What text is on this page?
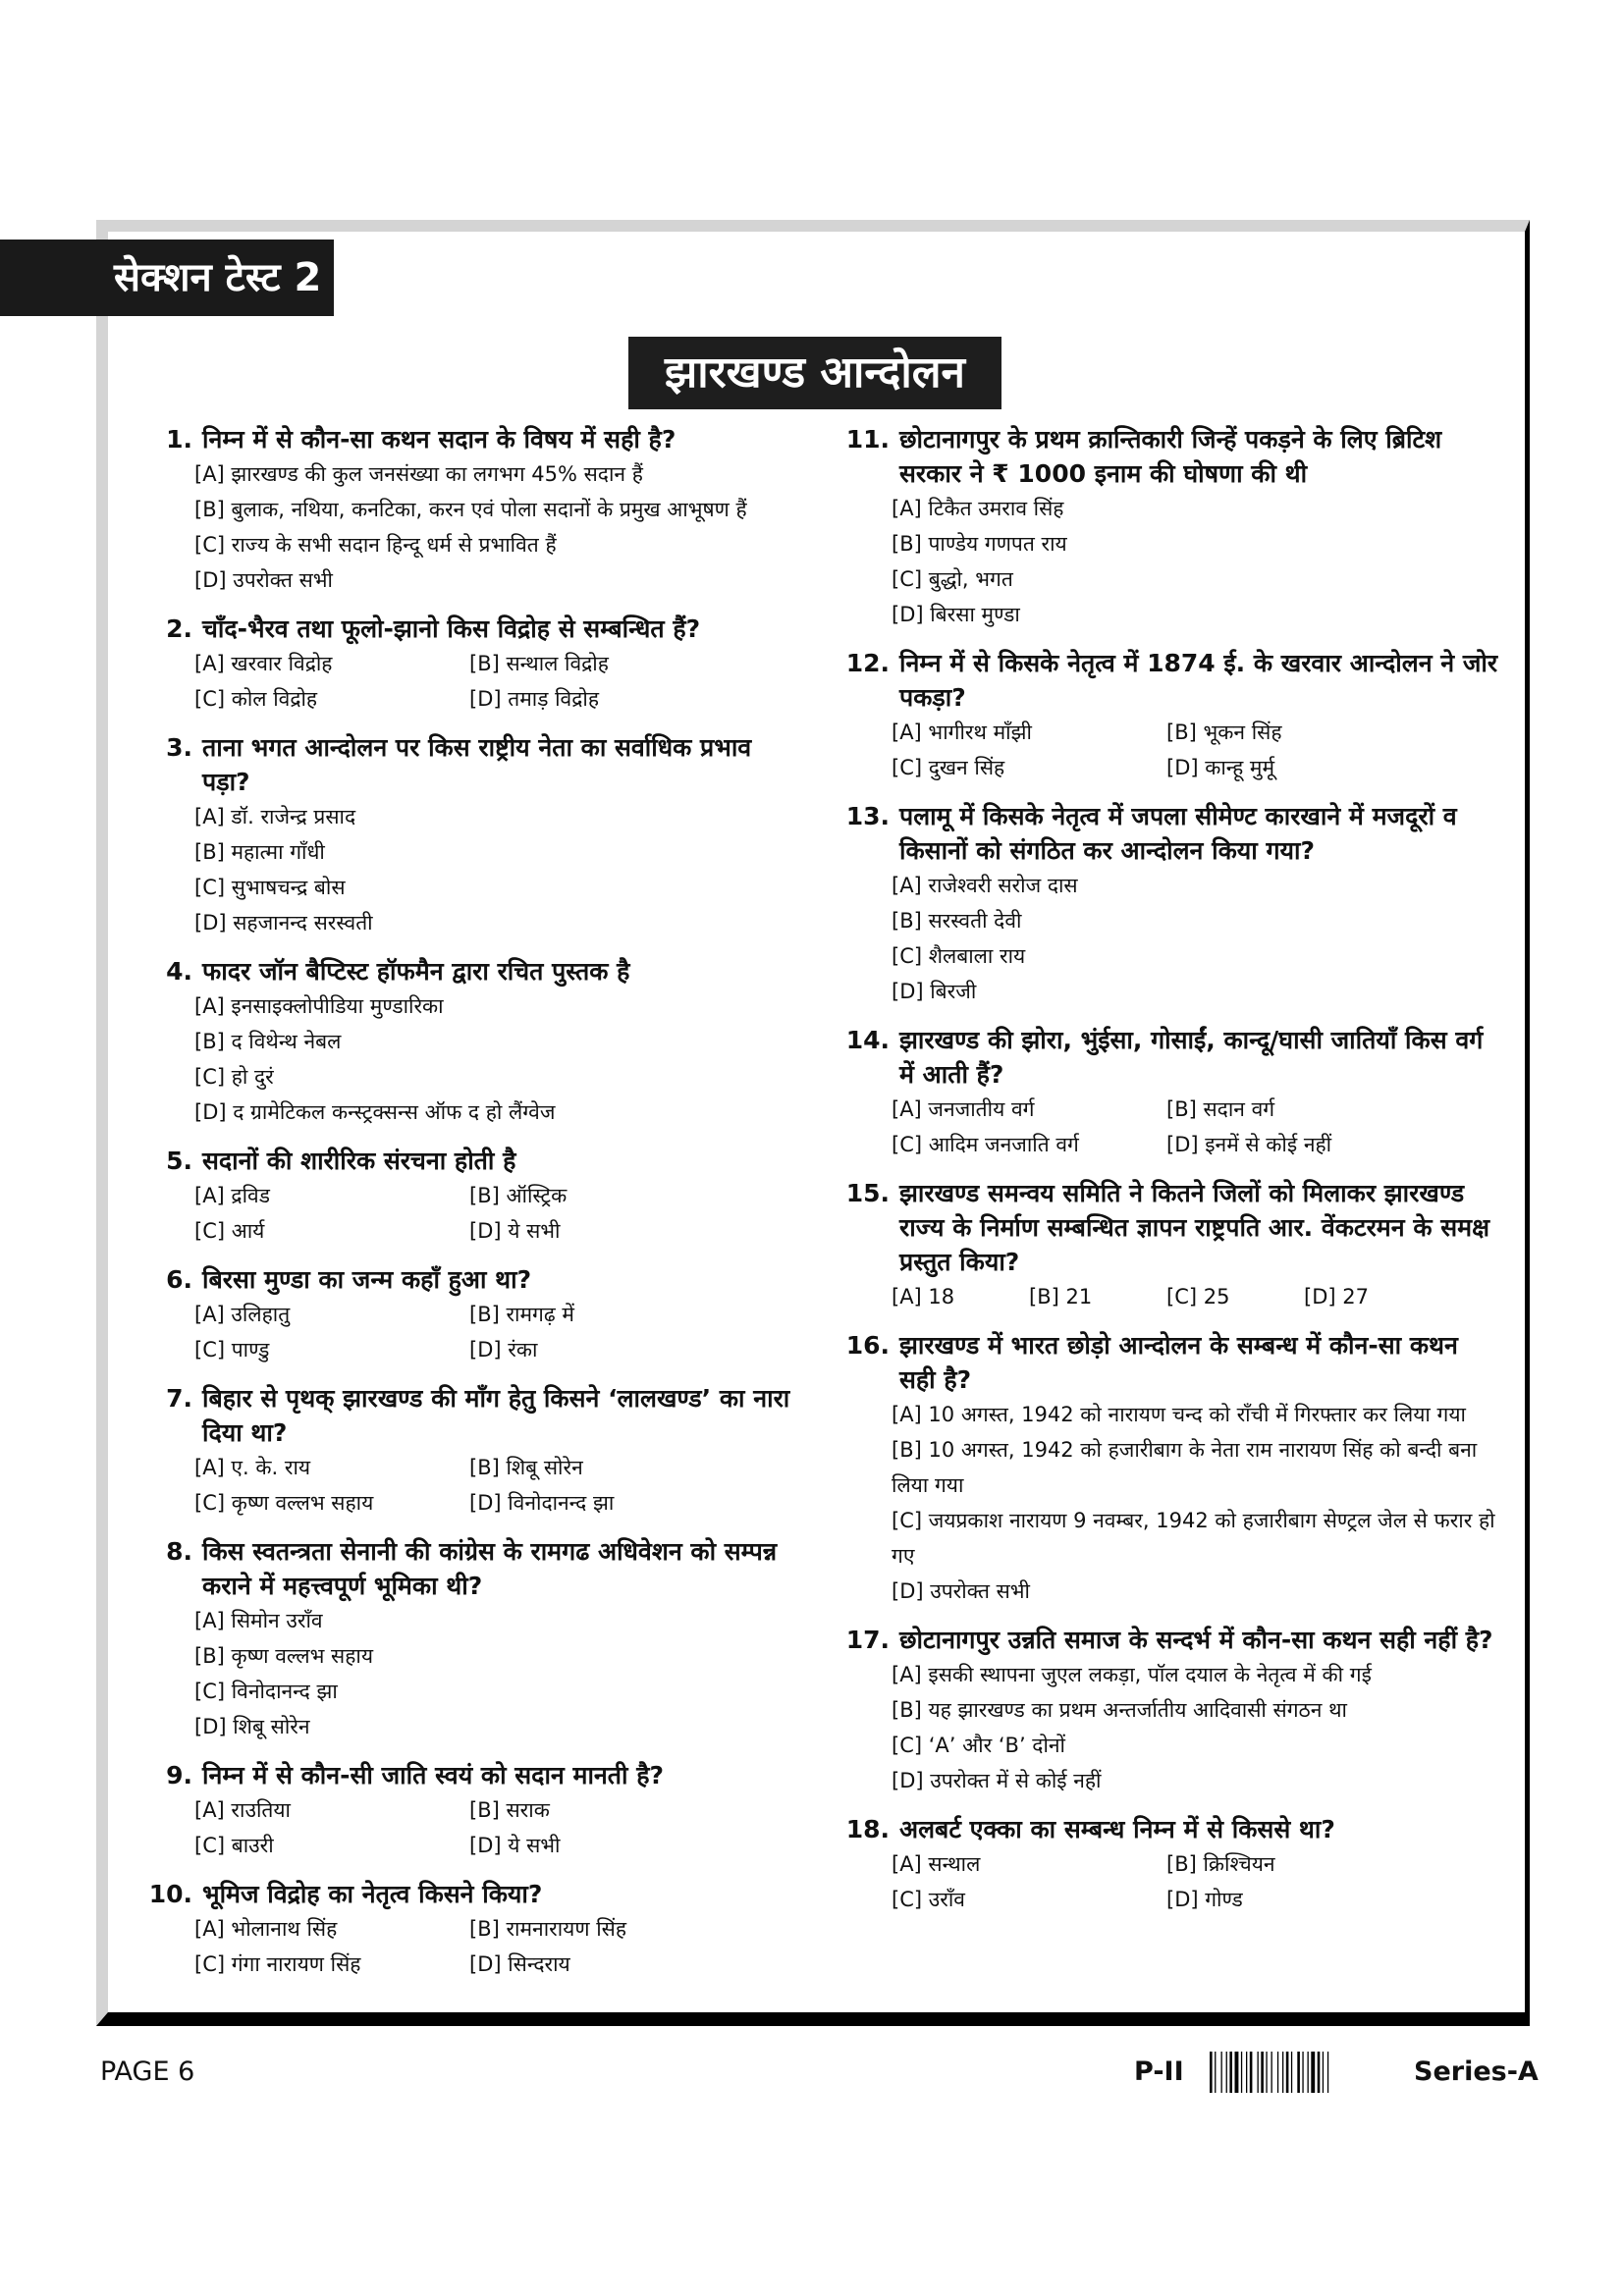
सेक्शन टेस्ट 2
झारखण्ड आन्दोलन
1. निम्न में से कौन-सा कथन सदान के विषय में सही है?
[A] झारखण्ड की कुल जनसंख्या का लगभग 45% सदान हैं
[B] बुलाक, नथिया, कनटिका, करन एवं पोला सदानों के प्रमुख आभूषण हैं
[C] राज्य के सभी सदान हिन्दू धर्म से प्रभावित हैं
[D] उपरोक्त सभी
2. चाँद-भैरव तथा फूलो-झानो किस विद्रोह से सम्बन्धित हैं?
[A] खरवार विद्रोह	[B] सन्थाल विद्रोह
[C] कोल विद्रोह	[D] तमाड़ विद्रोह
3. ताना भगत आन्दोलन पर किस राष्ट्रीय नेता का सर्वाधिक प्रभाव पड़ा?
[A] डॉ. राजेन्द्र प्रसाद
[B] महात्मा गाँधी
[C] सुभाषचन्द्र बोस
[D] सहजानन्द सरस्वती
4. फादर जॉन बैप्टिस्ट हॉफमैन द्वारा रचित पुस्तक है
[A] इनसाइक्लोपीडिया मुण्डारिका
[B] द विथेन्थ नेबल
[C] हो दुरं
[D] द ग्रामेटिकल कन्स्ट्रक्सन्स ऑफ द हो लैंग्वेज
5. सदानों की शारीरिक संरचना होती है
[A] द्रविड	[B] ऑस्ट्रिक
[C] आर्य	[D] ये सभी
6. बिरसा मुण्डा का जन्म कहाँ हुआ था?
[A] उलिहातु	[B] रामगढ़ में
[C] पाण्डु	[D] रंका
7. बिहार से पृथक् झारखण्ड की माँग हेतु किसने ‘लालखण्ड’ का नारा दिया था?
[A] ए. के. राय	[B] शिबू सोरेन
[C] कृष्ण वल्लभ सहाय	[D] विनोदानन्द झा
8. किस स्वतन्त्रता सेनानी की कांग्रेस के रामगढ अधिवेशन को सम्पन्न कराने में महत्त्वपूर्ण भूमिका थी?
[A] सिमोन उराँव
[B] कृष्ण वल्लभ सहाय
[C] विनोदानन्द झा
[D] शिबू सोरेन
9. निम्न में से कौन-सी जाति स्वयं को सदान मानती है?
[A] राउतिया	[B] सराक
[C] बाउरी	[D] ये सभी
10. भूमिज विद्रोह का नेतृत्व किसने किया?
[A] भोलानाथ सिंह	[B] रामनारायण सिंह
[C] गंगा नारायण सिंह	[D] सिन्दराय
11. छोटानागपुर के प्रथम क्रान्तिकारी जिन्हें पकड़ने के लिए ब्रिटिश सरकार ने ₹ 1000 इनाम की घोषणा की थी
[A] टिकैत उमराव सिंह
[B] पाण्डेय गणपत राय
[C] बुद्धो, भगत
[D] बिरसा मुण्डा
12. निम्न में से किसके नेतृत्व में 1874 ई. के खरवार आन्दोलन ने जोर पकड़ा?
[A] भागीरथ माँझी	[B] भूकन सिंह
[C] दुखन सिंह	[D] कान्हू मुर्मू
13. पलामू में किसके नेतृत्व में जपला सीमेण्ट कारखाने में मजदूरों व किसानों को संगठित कर आन्दोलन किया गया?
[A] राजेश्वरी सरोज दास
[B] सरस्वती देवी
[C] शैलबाला राय
[D] बिरजी
14. झारखण्ड की झोरा, भुंईसा, गोसाईं, कान्दू/घासी जातियाँ किस वर्ग में आती हैं?
[A] जनजातीय वर्ग	[B] सदान वर्ग
[C] आदिम जनजाति वर्ग	[D] इनमें से कोई नहीं
15. झारखण्ड समन्वय समिति ने कितने जिलों को मिलाकर झारखण्ड राज्य के निर्माण सम्बन्धित ज्ञापन राष्ट्रपति आर. वेंकटरमन के समक्ष प्रस्तुत किया?
[A] 18	[B] 21	[C] 25	[D] 27
16. झारखण्ड में भारत छोड़ो आन्दोलन के सम्बन्ध में कौन-सा कथन सही है?
[A] 10 अगस्त, 1942 को नारायण चन्द को राँची में गिरफ्तार कर लिया गया
[B] 10 अगस्त, 1942 को हजारीबाग के नेता राम नारायण सिंह को बन्दी बना लिया गया
[C] जयप्रकाश नारायण 9 नवम्बर, 1942 को हजारीबाग सेण्ट्रल जेल से फरार हो गए
[D] उपरोक्त सभी
17. छोटानागपुर उन्नति समाज के सन्दर्भ में कौन-सा कथन सही नहीं है?
[A] इसकी स्थापना जुएल लकड़ा, पॉल दयाल के नेतृत्व में की गई
[B] यह झारखण्ड का प्रथम अन्तर्जातीय आदिवासी संगठन था
[C] ‘A’ और ‘B’ दोनों
[D] उपरोक्त में से कोई नहीं
18. अलबर्ट एक्का का सम्बन्ध निम्न में से किससे था?
[A] सन्थाल	[B] क्रिश्चियन
[C] उराँव	[D] गोण्ड
PAGE 6	P-II	Series-A
